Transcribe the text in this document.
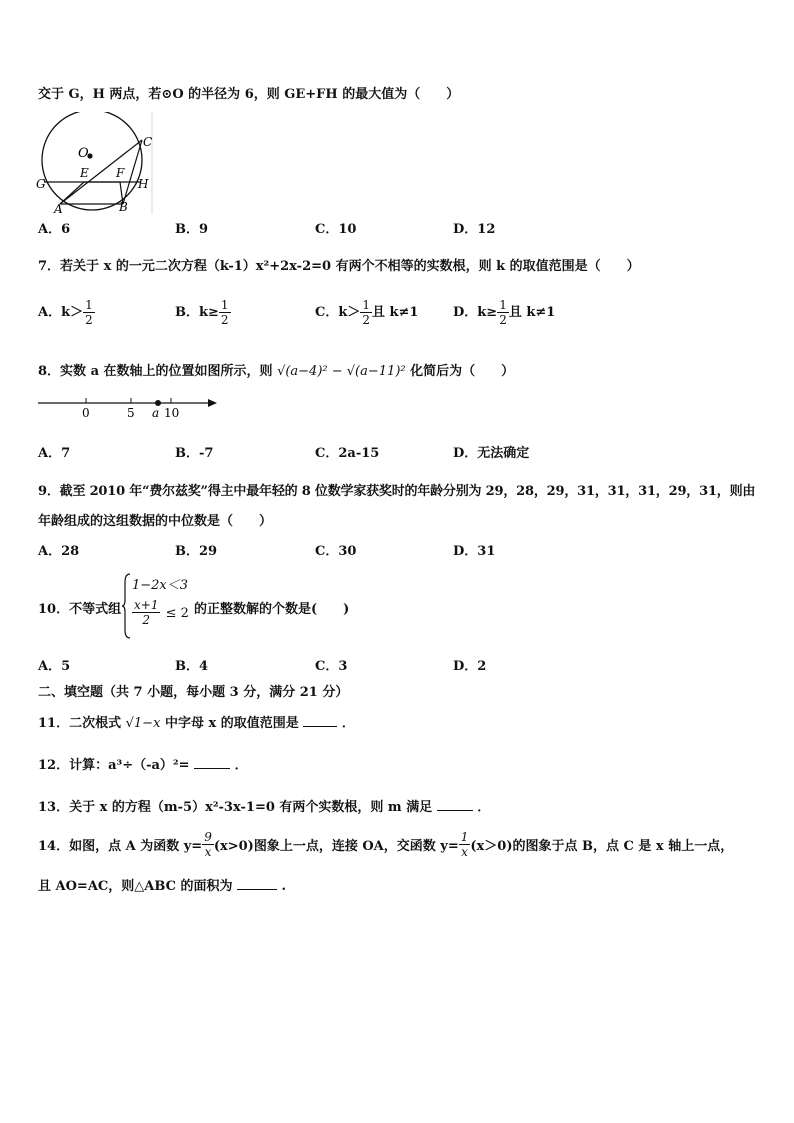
交于 G，H 两点，若⊙O 的半径为 6，则 GE+FH 的最大值为（　　）
O
C
E F
G	H
A	B
A．6	B．9	C．10	D．12
7．若关于 x 的一元二次方程（k-1）x²+2x-2=0 有两个不相等的实数根，则 k 的取值范围是（　　）
A．$k> \frac{1}{2}$	B．$k\ge \frac{1}{2}$	C．$k> \frac{1}{2}$ 且 k≠1	D．$k\ge \frac{1}{2}$ 且 k≠1
8．实数 a 在数轴上的位置如图所示，则 √(a−4)² − √(a−11)² 化简后为（　　）
0	5 a 10
A．7	B．-7	C．2a-15	D．无法确定
9．截至 2010 年“费尔兹奖”得主中最年轻的 8 位数学家获奖时的年龄分别为 29，28，29，31，31，31，29，31，则由
年龄组成的这组数据的中位数是（　　）
A．28	B．29	C．30	D．31
10．不等式组
1−2x＜3
$\frac{x+1}{2} \le 2$ 的正整数解的个数是(　　)
A．5	B．4	C．3	D．2
二、填空题（共 7 小题，每小题 3 分，满分 21 分）
11．二次根式 √1−x 中字母 x 的取值范围是	．
12．计算：a³÷（-a）²=	．
13．关于 x 的方程（m-5）x²-3x-1=0 有两个实数根，则 m 满足	．
14．如图，点 A 为函数 $y= \frac{9}{x} (x>0)$图象上一点，连接 OA，交函数 $y= \frac{1}{x} (x>0)$的图象于点 B，点 C 是 x 轴上一点，
且 AO=AC，则△ABC 的面积为	.
